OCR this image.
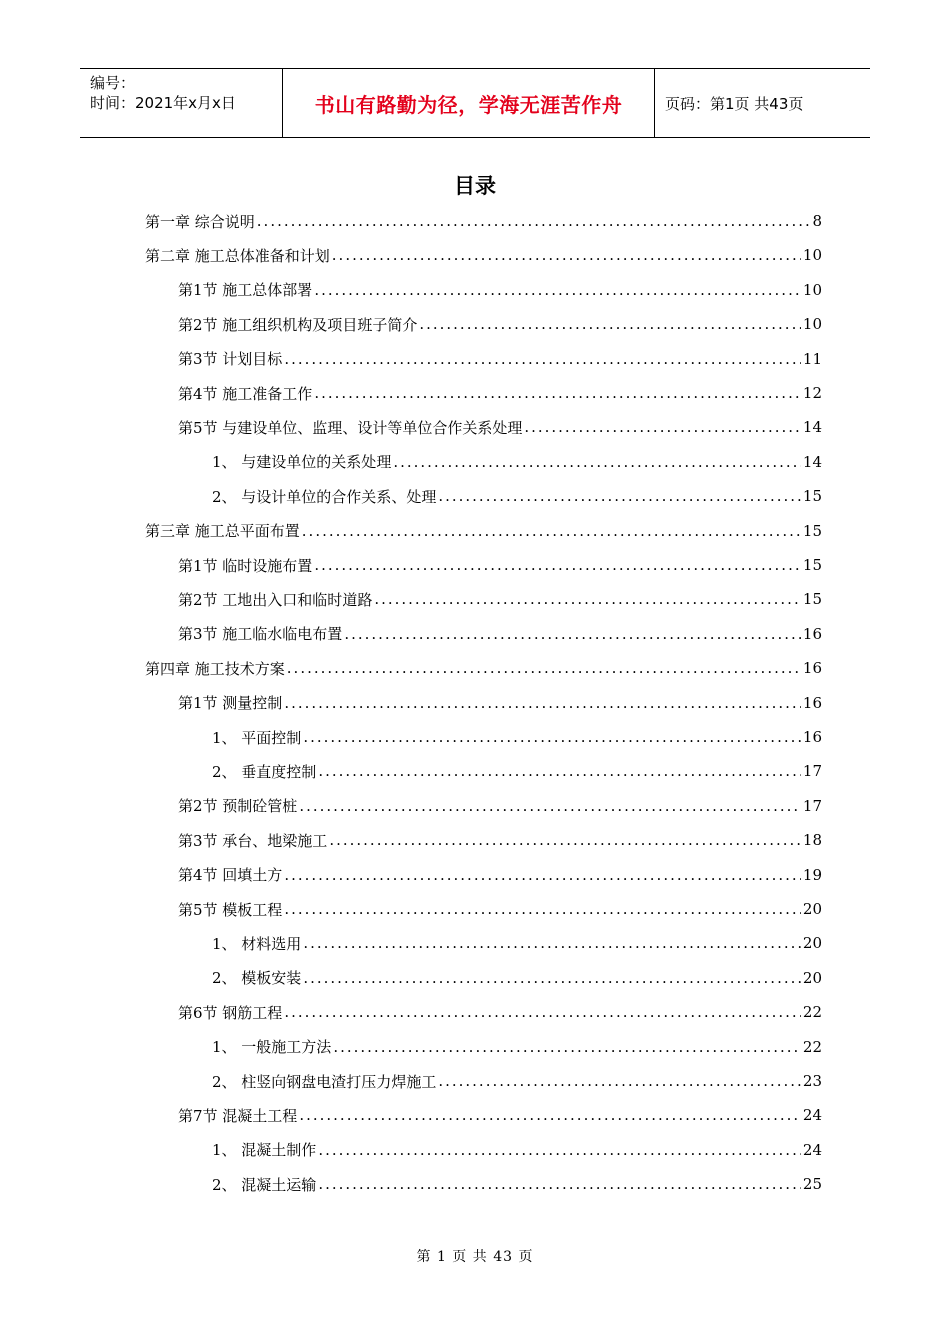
编号：
时间：2021年x月x日	书山有路勤为径，学海无涯苦作舟	页码：第1页 共43页
目录
第一章 综合说明 .....	8
第二章 施工总体准备和计划 .....	10
第1节 施工总体部署 .....	10
第2节 施工组织机构及项目班子简介 .....	10
第3节 计划目标 .....	11
第4节 施工准备工作 .....	12
第5节 与建设单位、监理、设计等单位合作关系处理 .....	14
1、 与建设单位的关系处理 .....	14
2、 与设计单位的合作关系、处理 .....	15
第三章 施工总平面布置 .....	15
第1节 临时设施布置 .....	15
第2节 工地出入口和临时道路 .....	15
第3节 施工临水临电布置 .....	16
第四章 施工技术方案 .....	16
第1节 测量控制 .....	16
1、 平面控制 .....	16
2、 垂直度控制 .....	17
第2节 预制砼管桩 .....	17
第3节 承台、地梁施工 .....	18
第4节 回填土方 .....	19
第5节 模板工程 .....	20
1、 材料选用 .....	20
2、 模板安装 .....	20
第6节 钢筋工程 .....	22
1、 一般施工方法 .....	22
2、 柱竖向钢盘电渣打压力焊施工 .....	23
第7节 混凝土工程 .....	24
1、 混凝土制作 .....	24
2、 混凝土运输 .....	25
第 1 页 共 43 页
